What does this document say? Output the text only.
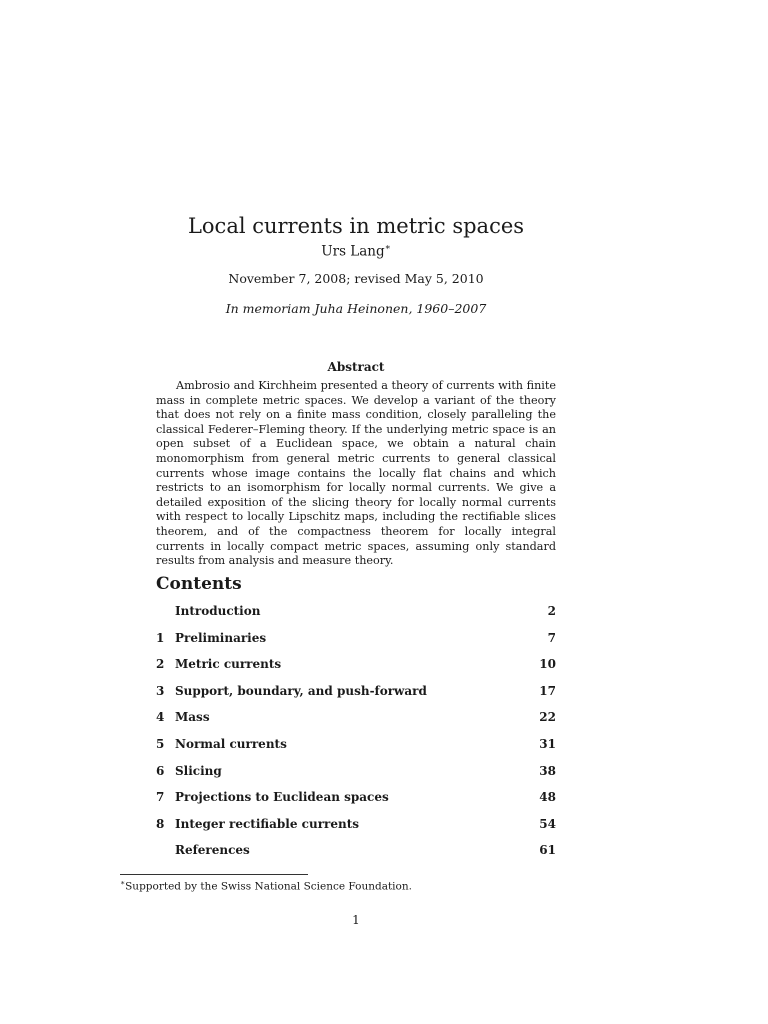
Local currents in metric spaces
Urs Lang∗
November 7, 2008; revised May 5, 2010
In memoriam Juha Heinonen, 1960–2007
Abstract

Ambrosio and Kirchheim presented a theory of currents with finite mass in complete metric spaces. We develop a variant of the theory that does not rely on a finite mass condition, closely paralleling the classical Federer–Fleming theory. If the underlying metric space is an open subset of a Euclidean space, we obtain a natural chain monomorphism from general metric currents to general classical currents whose image contains the locally flat chains and which restricts to an isomorphism for locally normal currents. We give a detailed exposition of the slicing theory for locally normal currents with respect to locally Lipschitz maps, including the rectifiable slices theorem, and of the compactness theorem for locally integral currents in locally compact metric spaces, assuming only standard results from analysis and measure theory.

Contents
Introduction	2
1 Preliminaries	7
2 Metric currents	10
3 Support, boundary, and push-forward	17
4 Mass	22
5 Normal currents	31
6 Slicing	38
7 Projections to Euclidean spaces	48
8 Integer rectifiable currents	54
References	61
∗Supported by the Swiss National Science Foundation.
1
